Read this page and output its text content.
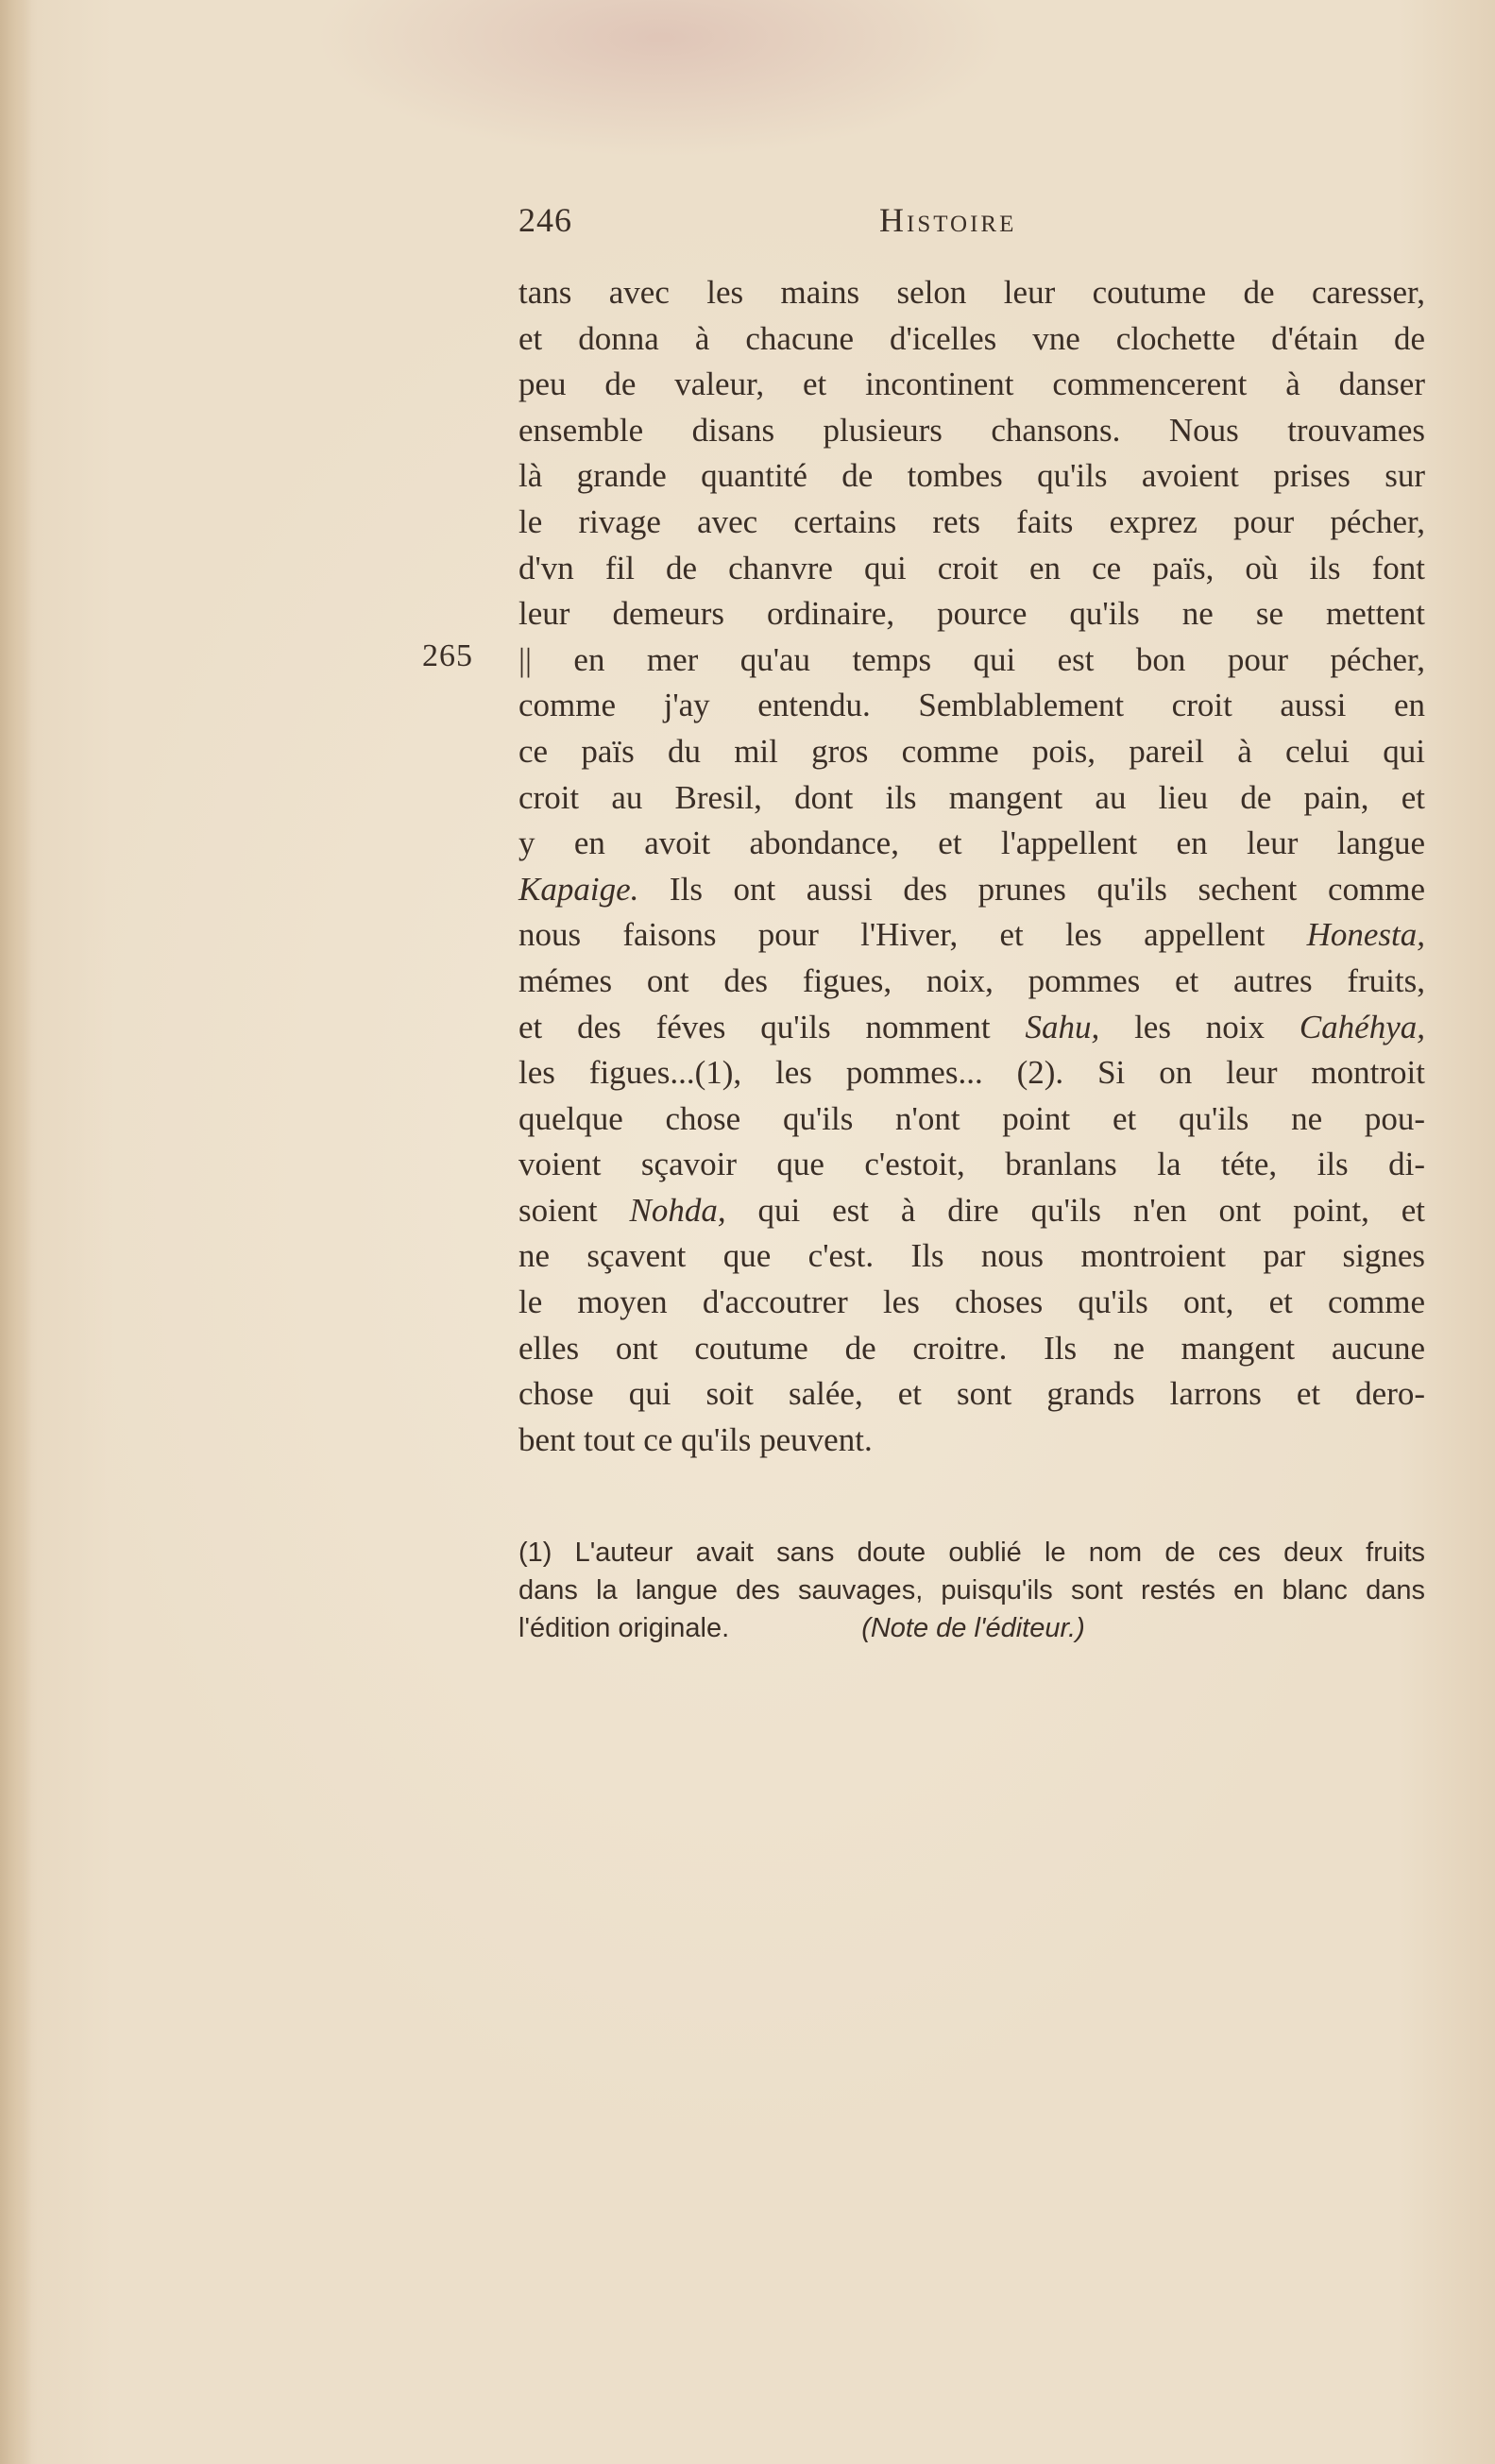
246	Histoire
265
tans avec les mains selon leur coutume de caresser,
et donna à chacune d'icelles vne clochette d'étain de
peu de valeur, et incontinent commencerent à danser
ensemble disans plusieurs chansons. Nous trouvames
là grande quantité de tombes qu'ils avoient prises sur
le rivage avec certains rets faits exprez pour pécher,
d'vn fil de chanvre qui croit en ce païs, où ils font
leur demeurs ordinaire, pource qu'ils ne se mettent
|| en mer qu'au temps qui est bon pour pécher,
comme j'ay entendu. Semblablement croit aussi en
ce païs du mil gros comme pois, pareil à celui qui
croit au Bresil, dont ils mangent au lieu de pain, et
y en avoit abondance, et l'appellent en leur langue
Kapaige. Ils ont aussi des prunes qu'ils sechent comme
nous faisons pour l'Hiver, et les appellent Honesta,
mémes ont des figues, noix, pommes et autres fruits,
et des féves qu'ils nomment Sahu, les noix Cahéhya,
les figues...(1), les pommes... (2). Si on leur montroit
quelque chose qu'ils n'ont point et qu'ils ne pou-
voient sçavoir que c'estoit, branlans la téte, ils di-
soient Nohda, qui est à dire qu'ils n'en ont point, et
ne sçavent que c'est. Ils nous montroient par signes
le moyen d'accoutrer les choses qu'ils ont, et comme
elles ont coutume de croitre. Ils ne mangent aucune
chose qui soit salée, et sont grands larrons et dero-
bent tout ce qu'ils peuvent.
(1) L'auteur avait sans doute oublié le nom de ces deux fruits
dans la langue des sauvages, puisqu'ils sont restés en blanc dans
l'édition originale.	(Note de l'éditeur.)
